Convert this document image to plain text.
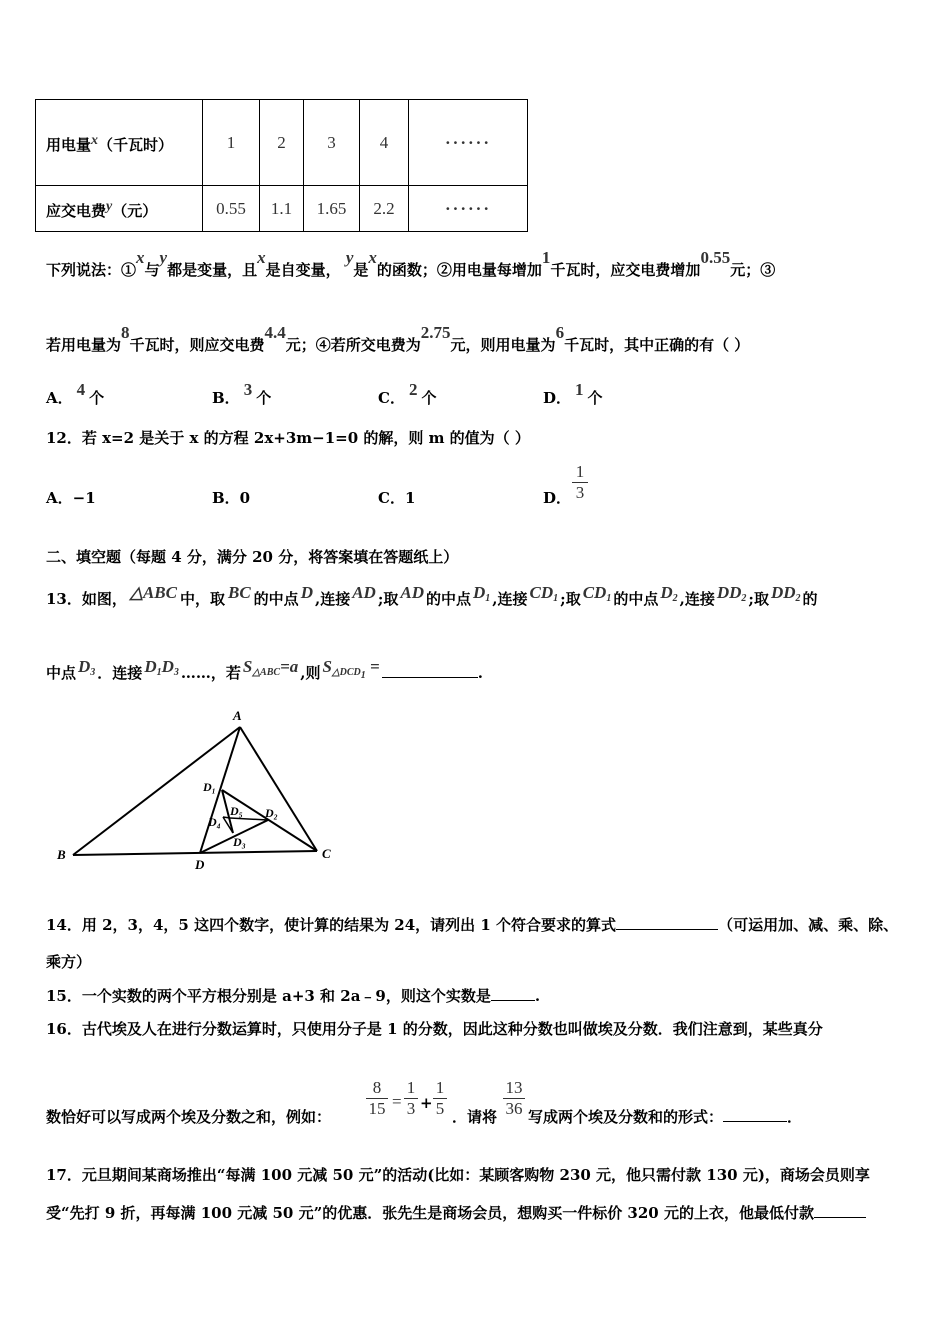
用电量x（千瓦时）	1	2	3	4	······
应交电费y（元）	0.55	1.1	1.65	2.2	······
下列说法：①x与y都是变量，且x是自变量， y是x的函数；②用电量每增加1千瓦时，应交电费增加0.55元；③
若用电量为8千瓦时，则应交电费4.4元；④若所交电费为2.75元，则用电量为6千瓦时，其中正确的有（ ）
A． 4 个	B． 3 个	C． 2 个	D． 1 个
12．若 x=2 是关于 x 的方程 2x+3m−1=0 的解，则 m 的值为（ ）
A．−1	B．0	C．1	D． $\frac{1}{3}$
二、填空题（每题 4 分，满分 20 分，将答案填在答题纸上）
13．如图， △ABC 中，取 BC 的中点 D ,连接 AD ;取 AD 的中点 $D_1$ ,连接 $CD_1$ ;取 $CD_1$ 的中点 $D_2$ ,连接 $DD_2$ ;取 $DD_2$ 的
中点 $D_3$ ．连接 $D_1D_3$ ……，若 $S_{\triangle ABC}=a$ ,则 $S_{\triangle DCD_1}$ =	.
A
B	C
D
D₁
D₂
D₃
D₄
D₅
14．用 2，3，4，5 这四个数字，使计算的结果为 24，请列出 1 个符合要求的算式	（可运用加、减、乘、除、
乘方）
15．一个实数的两个平方根分别是 a+3 和 2a﹣9，则这个实数是	.
16．古代埃及人在进行分数运算时，只使用分子是 1 的分数，因此这种分数也叫做埃及分数．我们注意到，某些真分
数恰好可以写成两个埃及分数之和，例如： $\frac{8}{15} = \frac{1}{3} + \frac{1}{5}$ ．请将 $\frac{13}{36}$ 写成两个埃及分数和的形式：	．
17．元旦期间某商场推出“每满 100 元减 50 元”的活动(比如：某顾客购物 230 元，他只需付款 130 元)，商场会员则享
受“先打 9 折，再每满 100 元减 50 元”的优惠．张先生是商场会员，想购买一件标价 320 元的上衣，他最低付款
